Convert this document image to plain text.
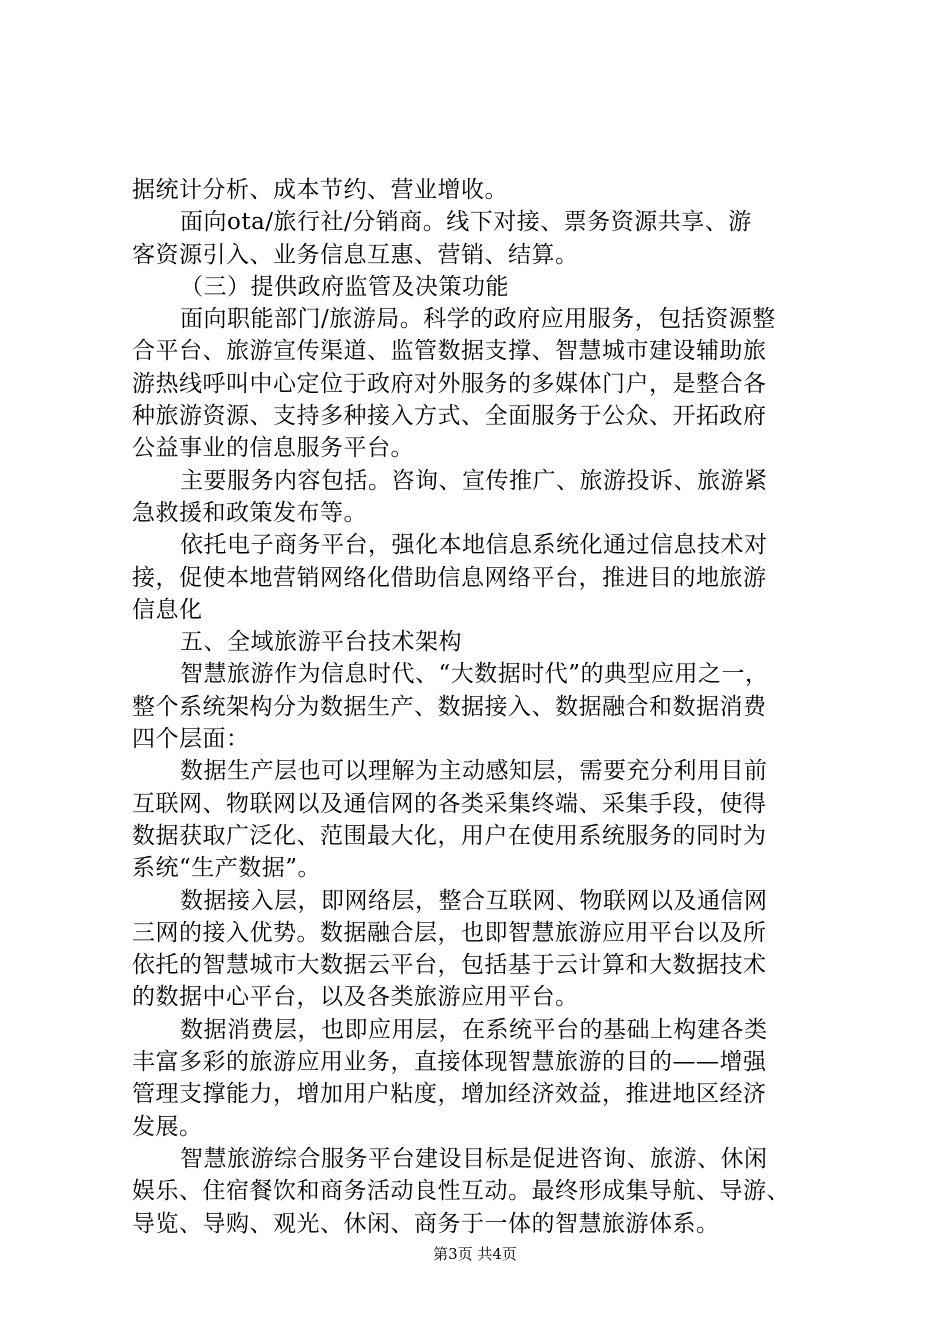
据统计分析、成本节约、营业增收。
面向ota/旅行社/分销商。线下对接、票务资源共享、游
客资源引入、业务信息互惠、营销、结算。
（三）提供政府监管及决策功能
面向职能部门/旅游局。科学的政府应用服务，包括资源整
合平台、旅游宣传渠道、监管数据支撑、智慧城市建设辅助旅
游热线呼叫中心定位于政府对外服务的多媒体门户，是整合各
种旅游资源、支持多种接入方式、全面服务于公众、开拓政府
公益事业的信息服务平台。
主要服务内容包括。咨询、宣传推广、旅游投诉、旅游紧
急救援和政策发布等。
依托电子商务平台，强化本地信息系统化通过信息技术对
接，促使本地营销网络化借助信息网络平台，推进目的地旅游
信息化
五、全域旅游平台技术架构
智慧旅游作为信息时代、“大数据时代”的典型应用之一，
整个系统架构分为数据生产、数据接入、数据融合和数据消费
四个层面：
数据生产层也可以理解为主动感知层，需要充分利用目前
互联网、物联网以及通信网的各类采集终端、采集手段，使得
数据获取广泛化、范围最大化，用户在使用系统服务的同时为
系统“生产数据”。
数据接入层，即网络层，整合互联网、物联网以及通信网
三网的接入优势。数据融合层，也即智慧旅游应用平台以及所
依托的智慧城市大数据云平台，包括基于云计算和大数据技术
的数据中心平台，以及各类旅游应用平台。
数据消费层，也即应用层，在系统平台的基础上构建各类
丰富多彩的旅游应用业务，直接体现智慧旅游的目的——增强
管理支撑能力，增加用户粘度，增加经济效益，推进地区经济
发展。
智慧旅游综合服务平台建设目标是促进咨询、旅游、休闲
娱乐、住宿餐饮和商务活动良性互动。最终形成集导航、导游、
导览、导购、观光、休闲、商务于一体的智慧旅游体系。
第3页 共4页
